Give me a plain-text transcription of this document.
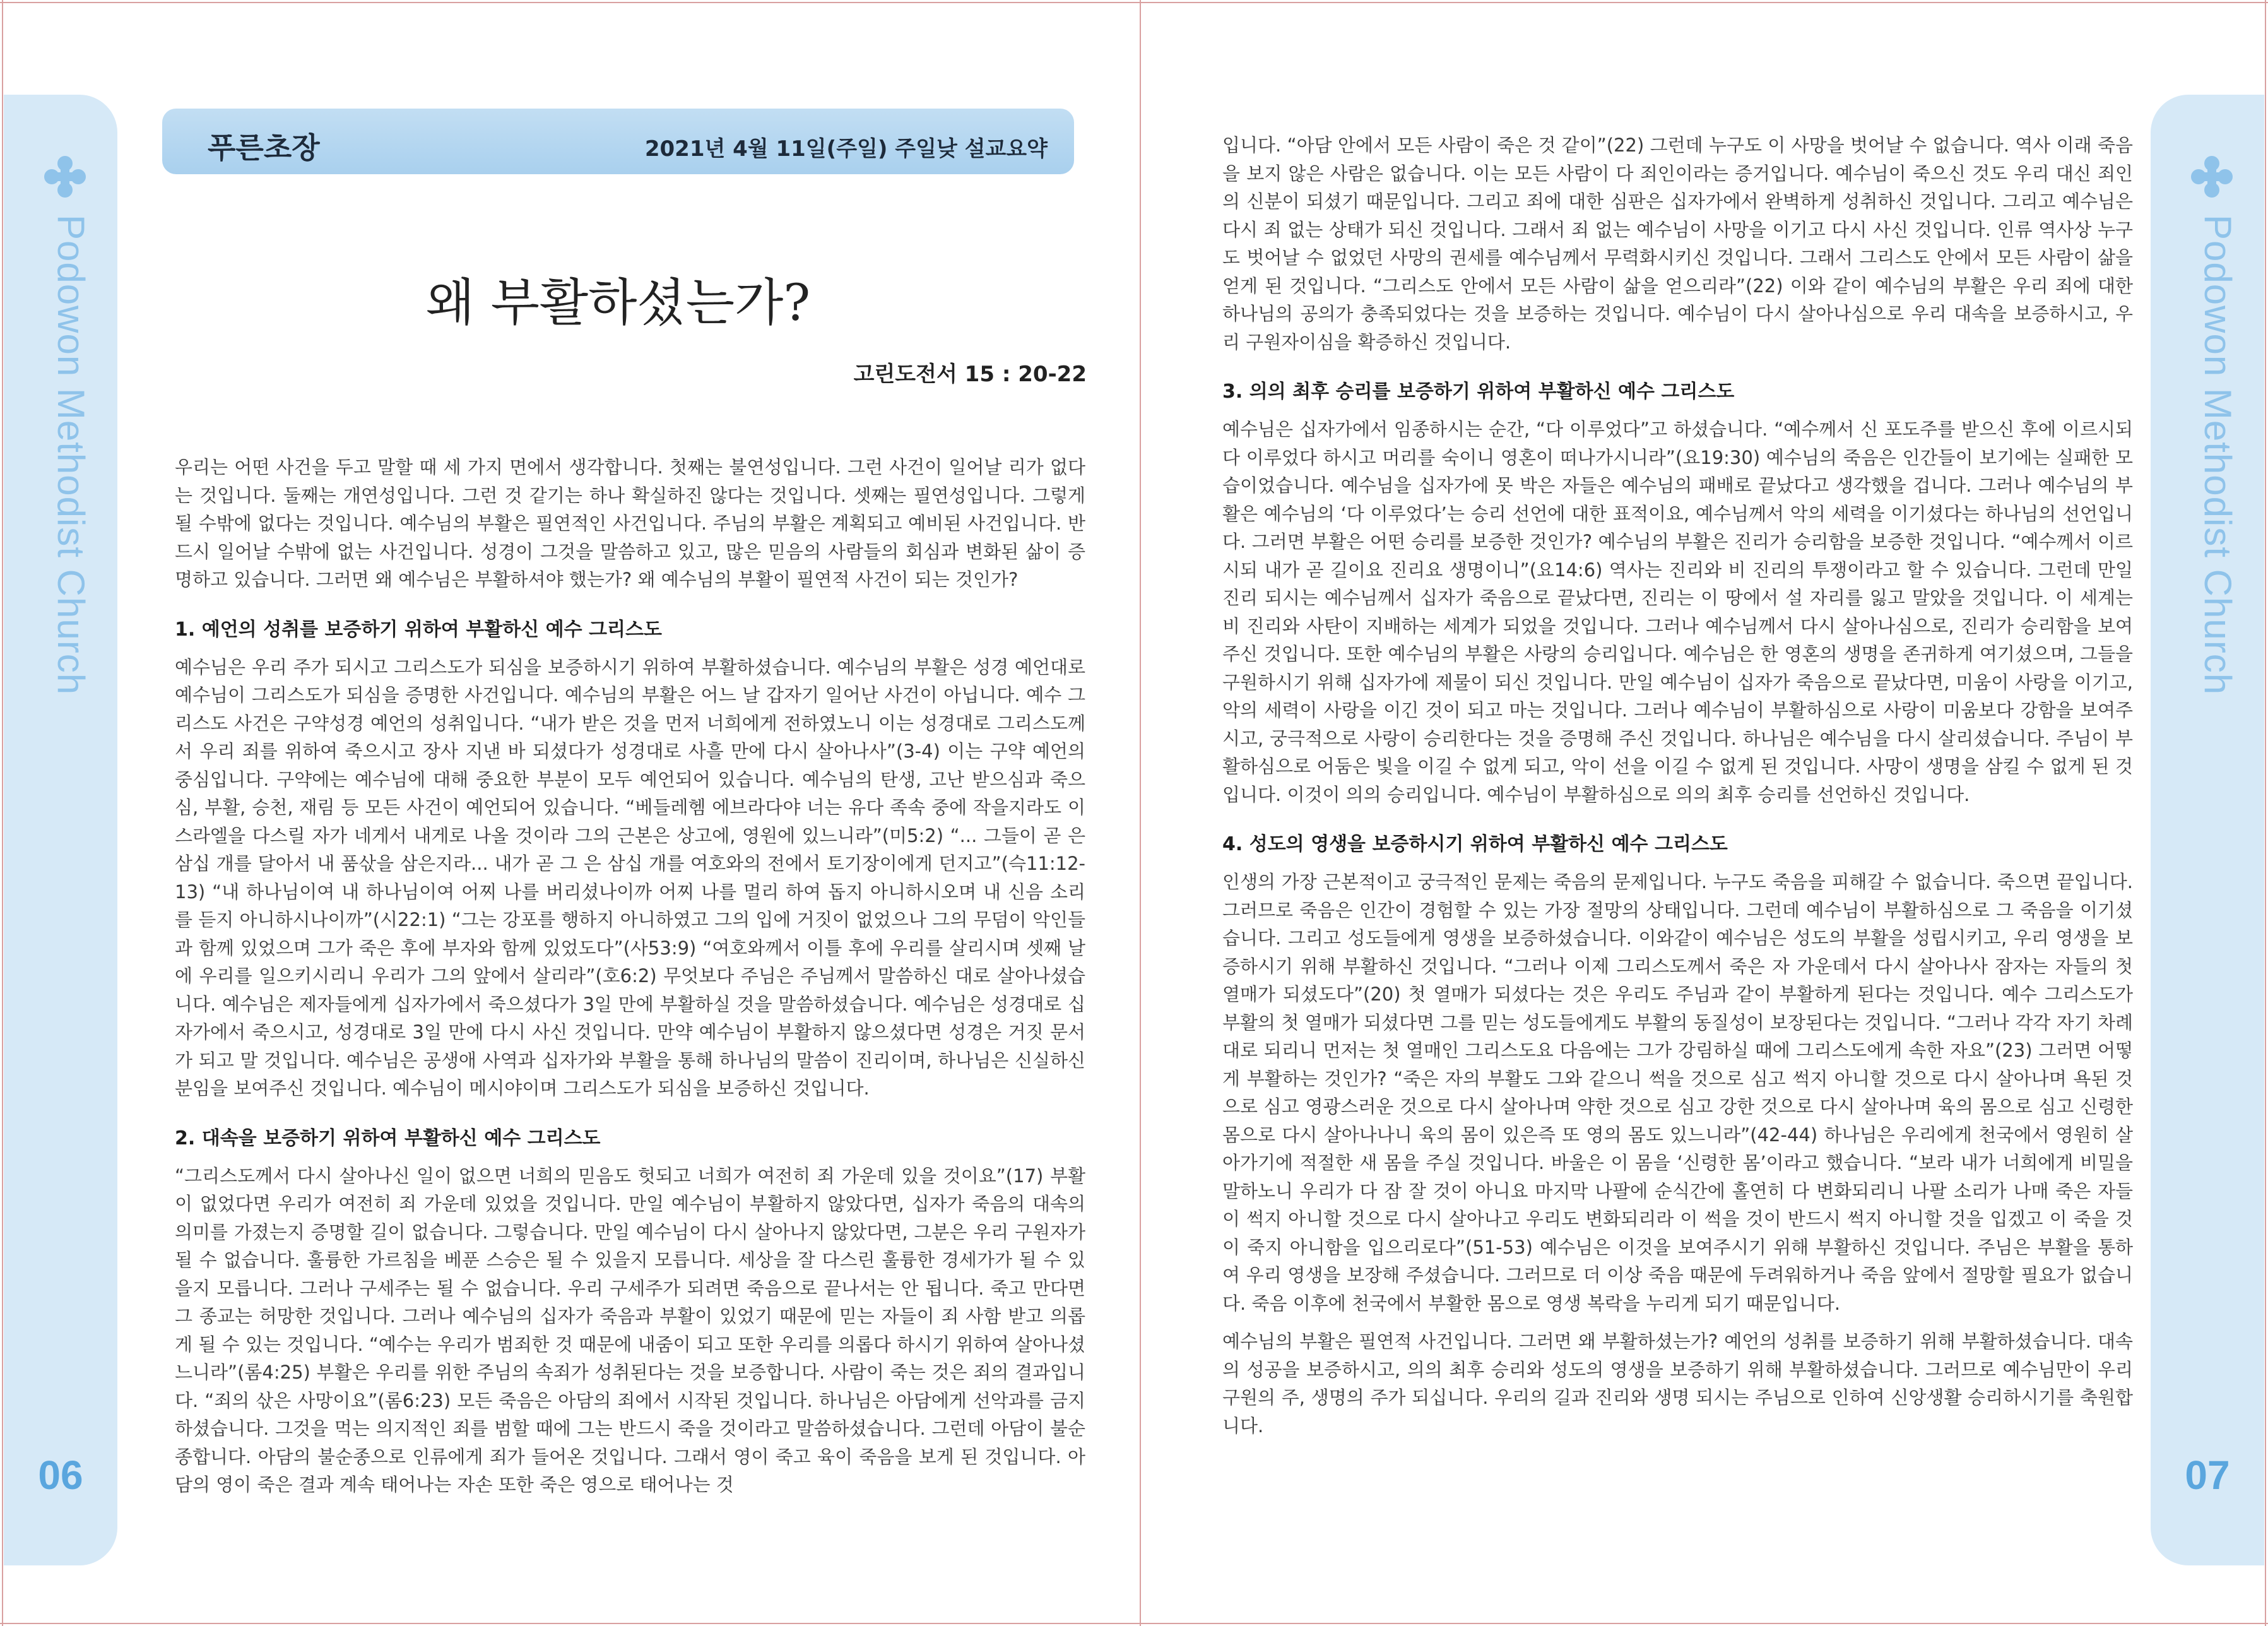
Podowon Methodist Church
06
Podowon Methodist Church
07
푸른초장	2021년 4월 11일(주일) 주일낮 설교요약
왜 부활하셨는가?
고린도전서 15 : 20-22

우리는 어떤 사건을 두고 말할 때 세 가지 면에서 생각합니다. 첫째는 불연성입니다. 그런 사건이 일어날 리가 없다는 것입니다. 둘째는 개연성입니다. 그런 것 같기는 하나 확실하진 않다는 것입니다. 셋째는 필연성입니다. 그렇게 될 수밖에 없다는 것입니다. 예수님의 부활은 필연적인 사건입니다. 주님의 부활은 계획되고 예비된 사건입니다. 반드시 일어날 수밖에 없는 사건입니다. 성경이 그것을 말씀하고 있고, 많은 믿음의 사람들의 회심과 변화된 삶이 증명하고 있습니다. 그러면 왜 예수님은 부활하셔야 했는가? 왜 예수님의 부활이 필연적 사건이 되는 것인가?

1. 예언의 성취를 보증하기 위하여 부활하신 예수 그리스도

예수님은 우리 주가 되시고 그리스도가 되심을 보증하시기 위하여 부활하셨습니다. 예수님의 부활은 성경 예언대로 예수님이 그리스도가 되심을 증명한 사건입니다. 예수님의 부활은 어느 날 갑자기 일어난 사건이 아닙니다. 예수 그리스도 사건은 구약성경 예언의 성취입니다. “내가 받은 것을 먼저 너희에게 전하였노니 이는 성경대로 그리스도께서 우리 죄를 위하여 죽으시고 장사 지낸 바 되셨다가 성경대로 사흘 만에 다시 살아나사”(3-4) 이는 구약 예언의 중심입니다. 구약에는 예수님에 대해 중요한 부분이 모두 예언되어 있습니다. 예수님의 탄생, 고난 받으심과 죽으심, 부활, 승천, 재림 등 모든 사건이 예언되어 있습니다. “베들레헴 에브라다야 너는 유다 족속 중에 작을지라도 이스라엘을 다스릴 자가 네게서 내게로 나올 것이라 그의 근본은 상고에, 영원에 있느니라”(미5:2) “... 그들이 곧 은 삼십 개를 달아서 내 품삯을 삼은지라... 내가 곧 그 은 삼십 개를 여호와의 전에서 토기장이에게 던지고”(슥11:12-13) “내 하나님이여 내 하나님이여 어찌 나를 버리셨나이까 어찌 나를 멀리 하여 돕지 아니하시오며 내 신음 소리를 듣지 아니하시나이까”(시22:1) “그는 강포를 행하지 아니하였고 그의 입에 거짓이 없었으나 그의 무덤이 악인들과 함께 있었으며 그가 죽은 후에 부자와 함께 있었도다”(사53:9) “여호와께서 이틀 후에 우리를 살리시며 셋째 날에 우리를 일으키시리니 우리가 그의 앞에서 살리라”(호6:2) 무엇보다 주님은 주님께서 말씀하신 대로 살아나셨습니다. 예수님은 제자들에게 십자가에서 죽으셨다가 3일 만에 부활하실 것을 말씀하셨습니다. 예수님은 성경대로 십자가에서 죽으시고, 성경대로 3일 만에 다시 사신 것입니다. 만약 예수님이 부활하지 않으셨다면 성경은 거짓 문서가 되고 말 것입니다. 예수님은 공생애 사역과 십자가와 부활을 통해 하나님의 말씀이 진리이며, 하나님은 신실하신 분임을 보여주신 것입니다. 예수님이 메시야이며 그리스도가 되심을 보증하신 것입니다.

2. 대속을 보증하기 위하여 부활하신 예수 그리스도

“그리스도께서 다시 살아나신 일이 없으면 너희의 믿음도 헛되고 너희가 여전히 죄 가운데 있을 것이요”(17) 부활이 없었다면 우리가 여전히 죄 가운데 있었을 것입니다. 만일 예수님이 부활하지 않았다면, 십자가 죽음의 대속의 의미를 가졌는지 증명할 길이 없습니다. 그렇습니다. 만일 예수님이 다시 살아나지 않았다면, 그분은 우리 구원자가 될 수 없습니다. 훌륭한 가르침을 베푼 스승은 될 수 있을지 모릅니다. 세상을 잘 다스린 훌륭한 경세가가 될 수 있을지 모릅니다. 그러나 구세주는 될 수 없습니다. 우리 구세주가 되려면 죽음으로 끝나서는 안 됩니다. 죽고 만다면 그 종교는 허망한 것입니다. 그러나 예수님의 십자가 죽음과 부활이 있었기 때문에 믿는 자들이 죄 사함 받고 의롭게 될 수 있는 것입니다. “예수는 우리가 범죄한 것 때문에 내줌이 되고 또한 우리를 의롭다 하시기 위하여 살아나셨느니라”(롬4:25) 부활은 우리를 위한 주님의 속죄가 성취된다는 것을 보증합니다. 사람이 죽는 것은 죄의 결과입니다. “죄의 삯은 사망이요”(롬6:23) 모든 죽음은 아담의 죄에서 시작된 것입니다. 하나님은 아담에게 선악과를 금지하셨습니다. 그것을 먹는 의지적인 죄를 범할 때에 그는 반드시 죽을 것이라고 말씀하셨습니다. 그런데 아담이 불순종합니다. 아담의 불순종으로 인류에게 죄가 들어온 것입니다. 그래서 영이 죽고 육이 죽음을 보게 된 것입니다. 아담의 영이 죽은 결과 계속 태어나는 자손 또한 죽은 영으로 태어나는 것

입니다. “아담 안에서 모든 사람이 죽은 것 같이”(22) 그런데 누구도 이 사망을 벗어날 수 없습니다. 역사 이래 죽음을 보지 않은 사람은 없습니다. 이는 모든 사람이 다 죄인이라는 증거입니다. 예수님이 죽으신 것도 우리 대신 죄인의 신분이 되셨기 때문입니다. 그리고 죄에 대한 심판은 십자가에서 완벽하게 성취하신 것입니다. 그리고 예수님은 다시 죄 없는 상태가 되신 것입니다. 그래서 죄 없는 예수님이 사망을 이기고 다시 사신 것입니다. 인류 역사상 누구도 벗어날 수 없었던 사망의 권세를 예수님께서 무력화시키신 것입니다. 그래서 그리스도 안에서 모든 사람이 삶을 얻게 된 것입니다. “그리스도 안에서 모든 사람이 삶을 얻으리라”(22) 이와 같이 예수님의 부활은 우리 죄에 대한 하나님의 공의가 충족되었다는 것을 보증하는 것입니다. 예수님이 다시 살아나심으로 우리 대속을 보증하시고, 우리 구원자이심을 확증하신 것입니다.

3. 의의 최후 승리를 보증하기 위하여 부활하신 예수 그리스도

예수님은 십자가에서 임종하시는 순간, “다 이루었다”고 하셨습니다. “예수께서 신 포도주를 받으신 후에 이르시되 다 이루었다 하시고 머리를 숙이니 영혼이 떠나가시니라”(요19:30) 예수님의 죽음은 인간들이 보기에는 실패한 모습이었습니다. 예수님을 십자가에 못 박은 자들은 예수님의 패배로 끝났다고 생각했을 겁니다. 그러나 예수님의 부활은 예수님의 ‘다 이루었다’는 승리 선언에 대한 표적이요, 예수님께서 악의 세력을 이기셨다는 하나님의 선언입니다. 그러면 부활은 어떤 승리를 보증한 것인가? 예수님의 부활은 진리가 승리함을 보증한 것입니다. “예수께서 이르시되 내가 곧 길이요 진리요 생명이니”(요14:6) 역사는 진리와 비 진리의 투쟁이라고 할 수 있습니다. 그런데 만일 진리 되시는 예수님께서 십자가 죽음으로 끝났다면, 진리는 이 땅에서 설 자리를 잃고 말았을 것입니다. 이 세계는 비 진리와 사탄이 지배하는 세계가 되었을 것입니다. 그러나 예수님께서 다시 살아나심으로, 진리가 승리함을 보여주신 것입니다. 또한 예수님의 부활은 사랑의 승리입니다. 예수님은 한 영혼의 생명을 존귀하게 여기셨으며, 그들을 구원하시기 위해 십자가에 제물이 되신 것입니다. 만일 예수님이 십자가 죽음으로 끝났다면, 미움이 사랑을 이기고, 악의 세력이 사랑을 이긴 것이 되고 마는 것입니다. 그러나 예수님이 부활하심으로 사랑이 미움보다 강함을 보여주시고, 궁극적으로 사랑이 승리한다는 것을 증명해 주신 것입니다. 하나님은 예수님을 다시 살리셨습니다. 주님이 부활하심으로 어둠은 빛을 이길 수 없게 되고, 악이 선을 이길 수 없게 된 것입니다. 사망이 생명을 삼킬 수 없게 된 것입니다. 이것이 의의 승리입니다. 예수님이 부활하심으로 의의 최후 승리를 선언하신 것입니다.

4. 성도의 영생을 보증하시기 위하여 부활하신 예수 그리스도

인생의 가장 근본적이고 궁극적인 문제는 죽음의 문제입니다. 누구도 죽음을 피해갈 수 없습니다. 죽으면 끝입니다. 그러므로 죽음은 인간이 경험할 수 있는 가장 절망의 상태입니다. 그런데 예수님이 부활하심으로 그 죽음을 이기셨습니다. 그리고 성도들에게 영생을 보증하셨습니다. 이와같이 예수님은 성도의 부활을 성립시키고, 우리 영생을 보증하시기 위해 부활하신 것입니다. “그러나 이제 그리스도께서 죽은 자 가운데서 다시 살아나사 잠자는 자들의 첫 열매가 되셨도다”(20) 첫 열매가 되셨다는 것은 우리도 주님과 같이 부활하게 된다는 것입니다. 예수 그리스도가 부활의 첫 열매가 되셨다면 그를 믿는 성도들에게도 부활의 동질성이 보장된다는 것입니다. “그러나 각각 자기 차례대로 되리니 먼저는 첫 열매인 그리스도요 다음에는 그가 강림하실 때에 그리스도에게 속한 자요”(23) 그러면 어떻게 부활하는 것인가? “죽은 자의 부활도 그와 같으니 썩을 것으로 심고 썩지 아니할 것으로 다시 살아나며 욕된 것으로 심고 영광스러운 것으로 다시 살아나며 약한 것으로 심고 강한 것으로 다시 살아나며 육의 몸으로 심고 신령한 몸으로 다시 살아나나니 육의 몸이 있은즉 또 영의 몸도 있느니라”(42-44) 하나님은 우리에게 천국에서 영원히 살아가기에 적절한 새 몸을 주실 것입니다. 바울은 이 몸을 ‘신령한 몸’이라고 했습니다. “보라 내가 너희에게 비밀을 말하노니 우리가 다 잠 잘 것이 아니요 마지막 나팔에 순식간에 홀연히 다 변화되리니 나팔 소리가 나매 죽은 자들이 썩지 아니할 것으로 다시 살아나고 우리도 변화되리라 이 썩을 것이 반드시 썩지 아니할 것을 입겠고 이 죽을 것이 죽지 아니함을 입으리로다”(51-53) 예수님은 이것을 보여주시기 위해 부활하신 것입니다. 주님은 부활을 통하여 우리 영생을 보장해 주셨습니다. 그러므로 더 이상 죽음 때문에 두려워하거나 죽음 앞에서 절망할 필요가 없습니다. 죽음 이후에 천국에서 부활한 몸으로 영생 복락을 누리게 되기 때문입니다.

예수님의 부활은 필연적 사건입니다. 그러면 왜 부활하셨는가? 예언의 성취를 보증하기 위해 부활하셨습니다. 대속의 성공을 보증하시고, 의의 최후 승리와 성도의 영생을 보증하기 위해 부활하셨습니다. 그러므로 예수님만이 우리 구원의 주, 생명의 주가 되십니다. 우리의 길과 진리와 생명 되시는 주님으로 인하여 신앙생활 승리하시기를 축원합니다.
